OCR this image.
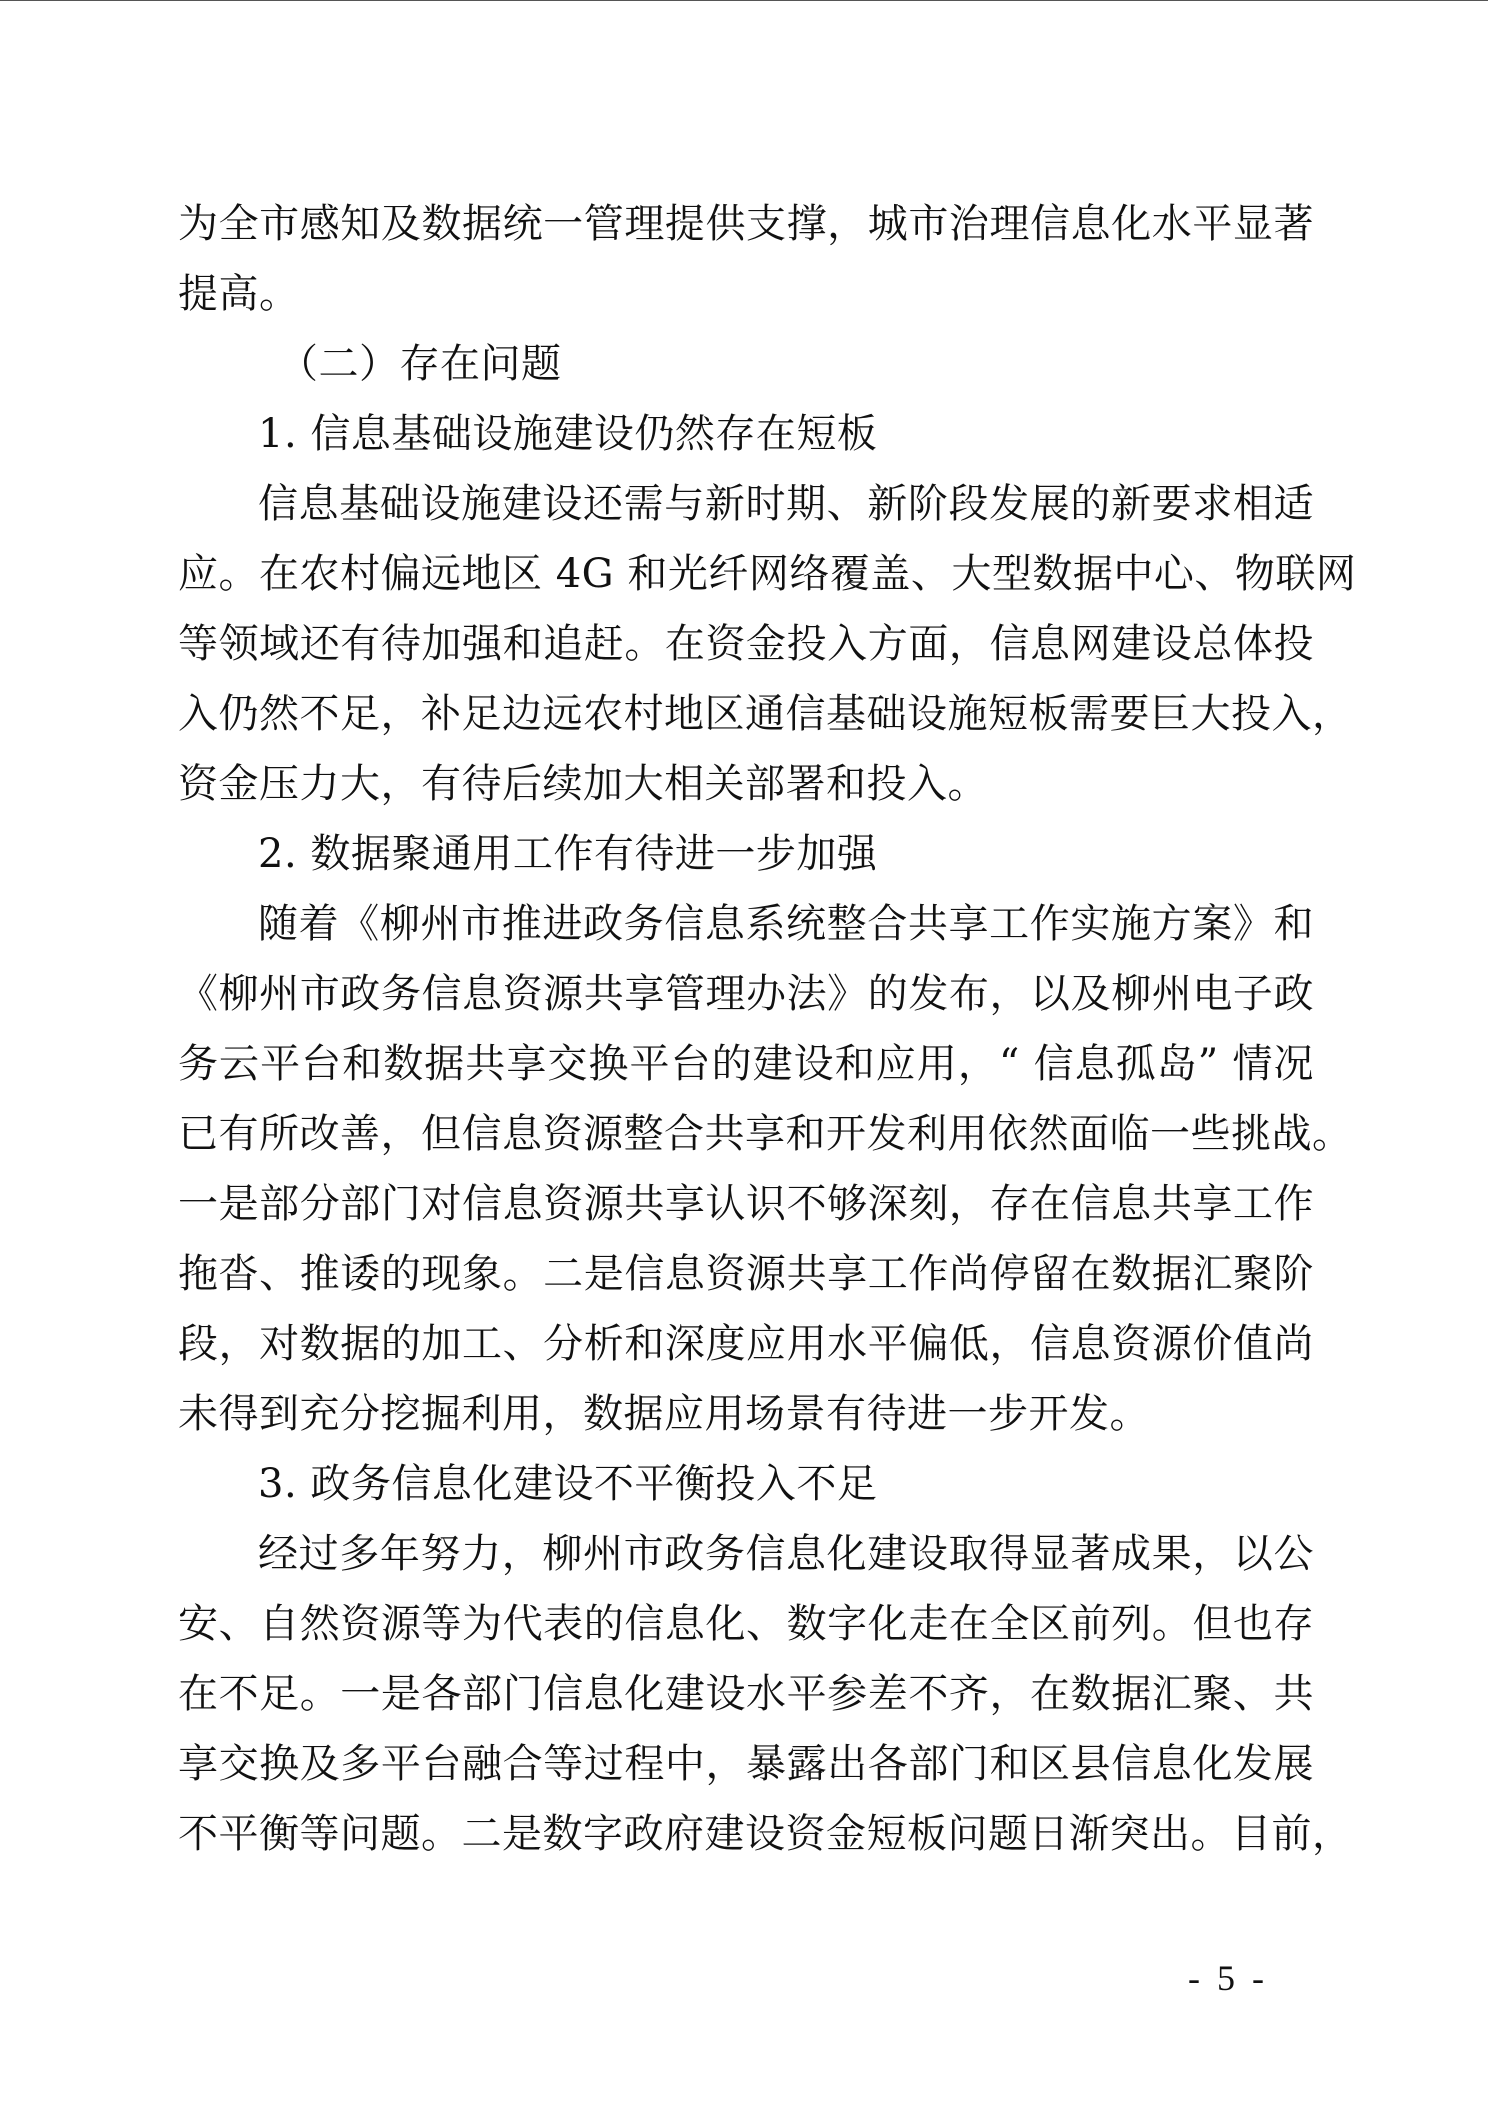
为全市感知及数据统一管理提供支撑，城市治理信息化水平显著
提高。
（二）存在问题
1. 信息基础设施建设仍然存在短板
信息基础设施建设还需与新时期、新阶段发展的新要求相适
应。在农村偏远地区 4G 和光纤网络覆盖、大型数据中心、物联网
等领域还有待加强和追赶。在资金投入方面，信息网建设总体投
入仍然不足，补足边远农村地区通信基础设施短板需要巨大投入，
资金压力大，有待后续加大相关部署和投入。
2. 数据聚通用工作有待进一步加强
随着《柳州市推进政务信息系统整合共享工作实施方案》和
《柳州市政务信息资源共享管理办法》的发布，以及柳州电子政
务云平台和数据共享交换平台的建设和应用，“ 信息孤岛” 情况
已有所改善，但信息资源整合共享和开发利用依然面临一些挑战。
一是部分部门对信息资源共享认识不够深刻，存在信息共享工作
拖沓、推诿的现象。二是信息资源共享工作尚停留在数据汇聚阶
段，对数据的加工、分析和深度应用水平偏低，信息资源价值尚
未得到充分挖掘利用，数据应用场景有待进一步开发。
3. 政务信息化建设不平衡投入不足
经过多年努力，柳州市政务信息化建设取得显著成果，以公
安、自然资源等为代表的信息化、数字化走在全区前列。但也存
在不足。一是各部门信息化建设水平参差不齐，在数据汇聚、共
享交换及多平台融合等过程中，暴露出各部门和区县信息化发展
不平衡等问题。二是数字政府建设资金短板问题日渐突出。目前，
- 5 -
